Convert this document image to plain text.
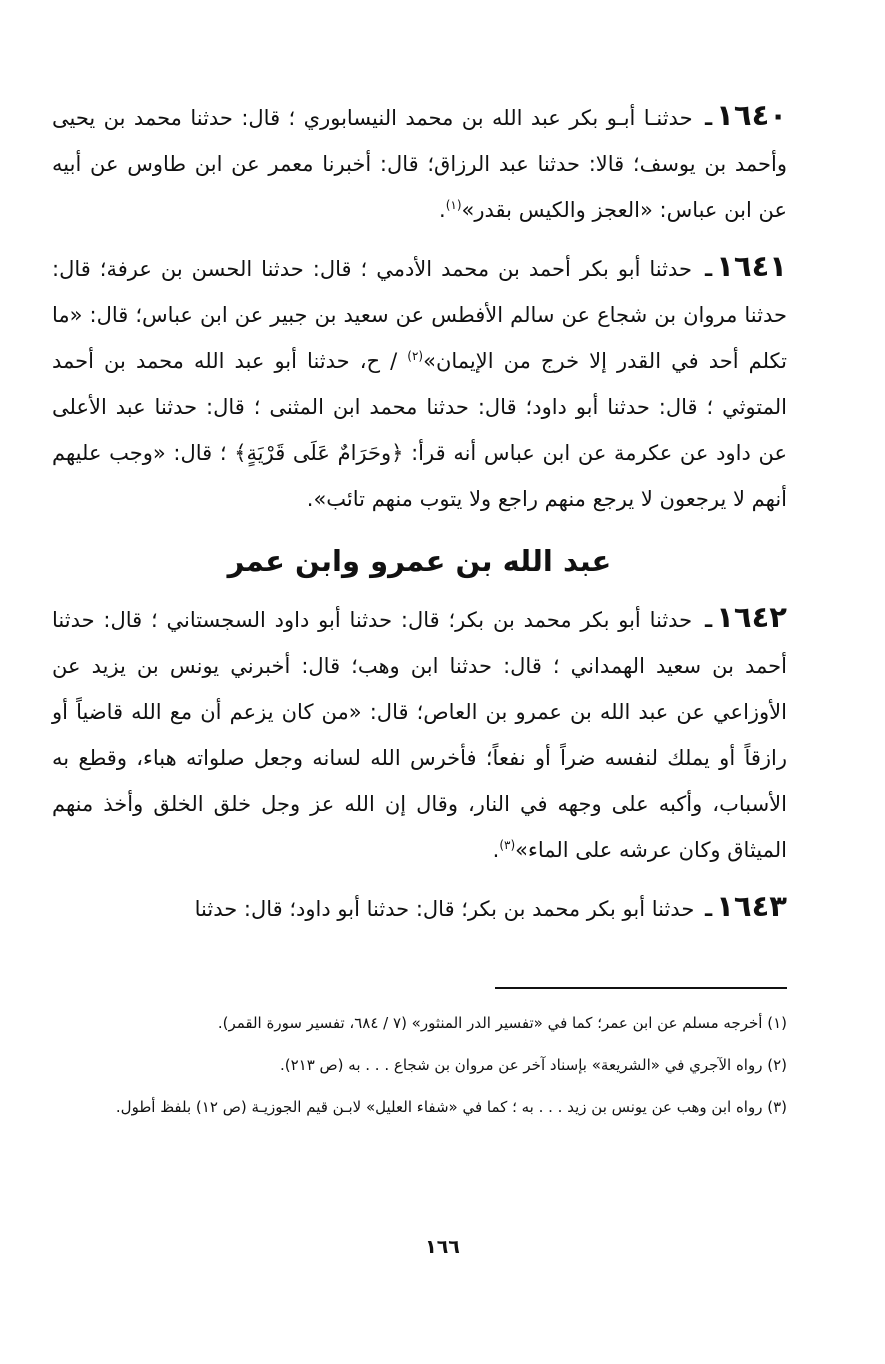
١٦٤٠ـ حدثنـا أبـو بكر عبد الله بن محمد النيسابوري ؛ قال: حدثنا محمد بن يحيى وأحمد بن يوسف؛ قالا: حدثنا عبد الرزاق؛ قال: أخبرنا معمر عن ابن طاوس عن أبيه عن ابن عباس: «العجز والكيس بقدر»$^{(١)}$.

١٦٤١ـ حدثنا أبو بكر أحمد بن محمد الأدمي ؛ قال: حدثنا الحسن بن عرفة؛ قال: حدثنا مروان بن شجاع عن سالم الأفطس عن سعيد بن جبير عن ابن عباس؛ قال: «ما تكلم أحد في القدر إلا خرج من الإيمان»$^{(٢)}$ / ح، حدثنا أبو عبد الله محمد بن أحمد المتوثي ؛ قال: حدثنا أبو داود؛ قال: حدثنا محمد ابن المثنى ؛ قال: حدثنا عبد الأعلى عن داود عن عكرمة عن ابن عباس أنه قرأ: ﴿وحَرَامٌ عَلَى قَرْيَةٍ﴾ ؛ قال: «وجب عليهم أنهم لا يرجعون لا يرجع منهم راجع ولا يتوب منهم تائب».

عبد الله بن عمرو وابن عمر

١٦٤٢ـ حدثنا أبو بكر محمد بن بكر؛ قال: حدثنا أبو داود السجستاني ؛ قال: حدثنا أحمد بن سعيد الهمداني ؛ قال: حدثنا ابن وهب؛ قال: أخبرني يونس بن يزيد عن الأوزاعي عن عبد الله بن عمرو بن العاص؛ قال: «من كان يزعم أن مع الله قاضياً أو رازقاً أو يملك لنفسه ضراً أو نفعاً؛ فأخرس الله لسانه وجعل صلواته هباء، وقطع به الأسباب، وأكبه على وجهه في النار، وقال إن الله عز وجل خلق الخلق وأخذ منهم الميثاق وكان عرشه على الماء»$^{(٣)}$.

١٦٤٣ـ حدثنا أبو بكر محمد بن بكر؛ قال: حدثنا أبو داود؛ قال: حدثنا

(١) أخرجه مسلم عن ابن عمر؛ كما في «تفسير الدر المنثور» (٧ / ٦٨٤، تفسير سورة القمر).

(٢) رواه الآجري في «الشريعة» بإسناد آخر عن مروان بن شجاع . . . به (ص ٢١٣).

(٣) رواه ابن وهب عن يونس بن زيد . . . به ؛ كما في «شفاء العليل» لابـن قيم الجوزيـة (ص ١٢) بلفظ أطول.

١٦٦
